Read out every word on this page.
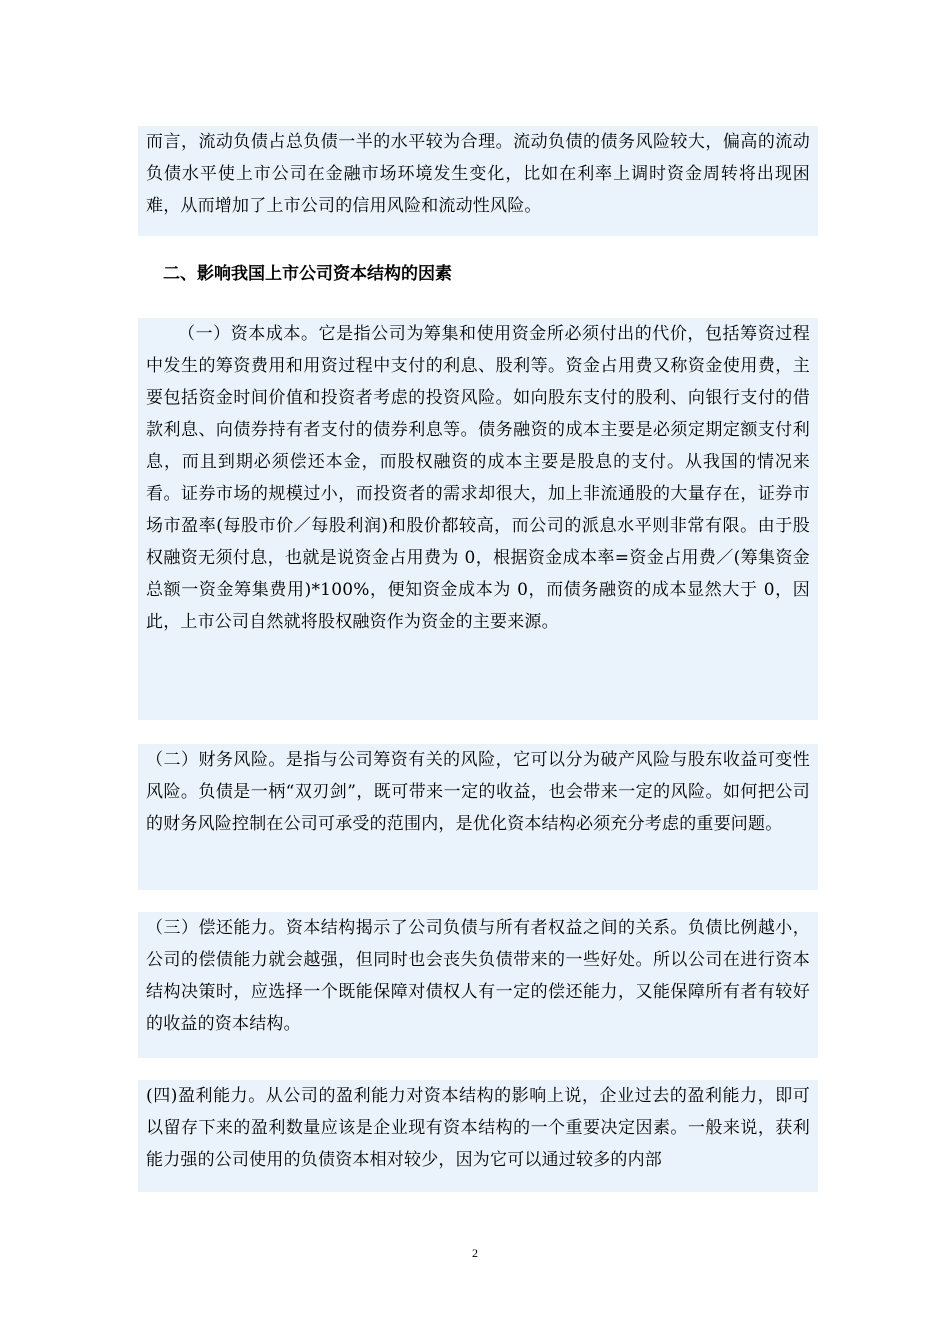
而言，流动负债占总负债一半的水平较为合理。流动负债的债务风险较大，偏高的流动负债水平使上市公司在金融市场环境发生变化，比如在利率上调时资金周转将出现困难，从而增加了上市公司的信用风险和流动性风险。
二、影响我国上市公司资本结构的因素
（一）资本成本。它是指公司为筹集和使用资金所必须付出的代价，包括筹资过程中发生的筹资费用和用资过程中支付的利息、股利等。资金占用费又称资金使用费，主要包括资金时间价值和投资者考虑的投资风险。如向股东支付的股利、向银行支付的借款利息、向债券持有者支付的债券利息等。债务融资的成本主要是必须定期定额支付利息，而且到期必须偿还本金，而股权融资的成本主要是股息的支付。从我国的情况来看。证券市场的规模过小，而投资者的需求却很大，加上非流通股的大量存在，证券市场市盈率(每股市价／每股利润)和股价都较高，而公司的派息水平则非常有限。由于股权融资无须付息，也就是说资金占用费为 0，根据资金成本率=资金占用费／(筹集资金总额一资金筹集费用)*100%，便知资金成本为 0，而债务融资的成本显然大于 0，因此，上市公司自然就将股权融资作为资金的主要来源。
（二）财务风险。是指与公司筹资有关的风险，它可以分为破产风险与股东收益可变性风险。负债是一柄“双刃剑”，既可带来一定的收益，也会带来一定的风险。如何把公司的财务风险控制在公司可承受的范围内，是优化资本结构必须充分考虑的重要问题。
（三）偿还能力。资本结构揭示了公司负债与所有者权益之间的关系。负债比例越小，公司的偿债能力就会越强，但同时也会丧失负债带来的一些好处。所以公司在进行资本结构决策时，应选择一个既能保障对债权人有一定的偿还能力，又能保障所有者有较好的收益的资本结构。
(四)盈利能力。从公司的盈利能力对资本结构的影响上说，企业过去的盈利能力，即可以留存下来的盈利数量应该是企业现有资本结构的一个重要决定因素。一般来说，获利能力强的公司使用的负债资本相对较少，因为它可以通过较多的内部
2
